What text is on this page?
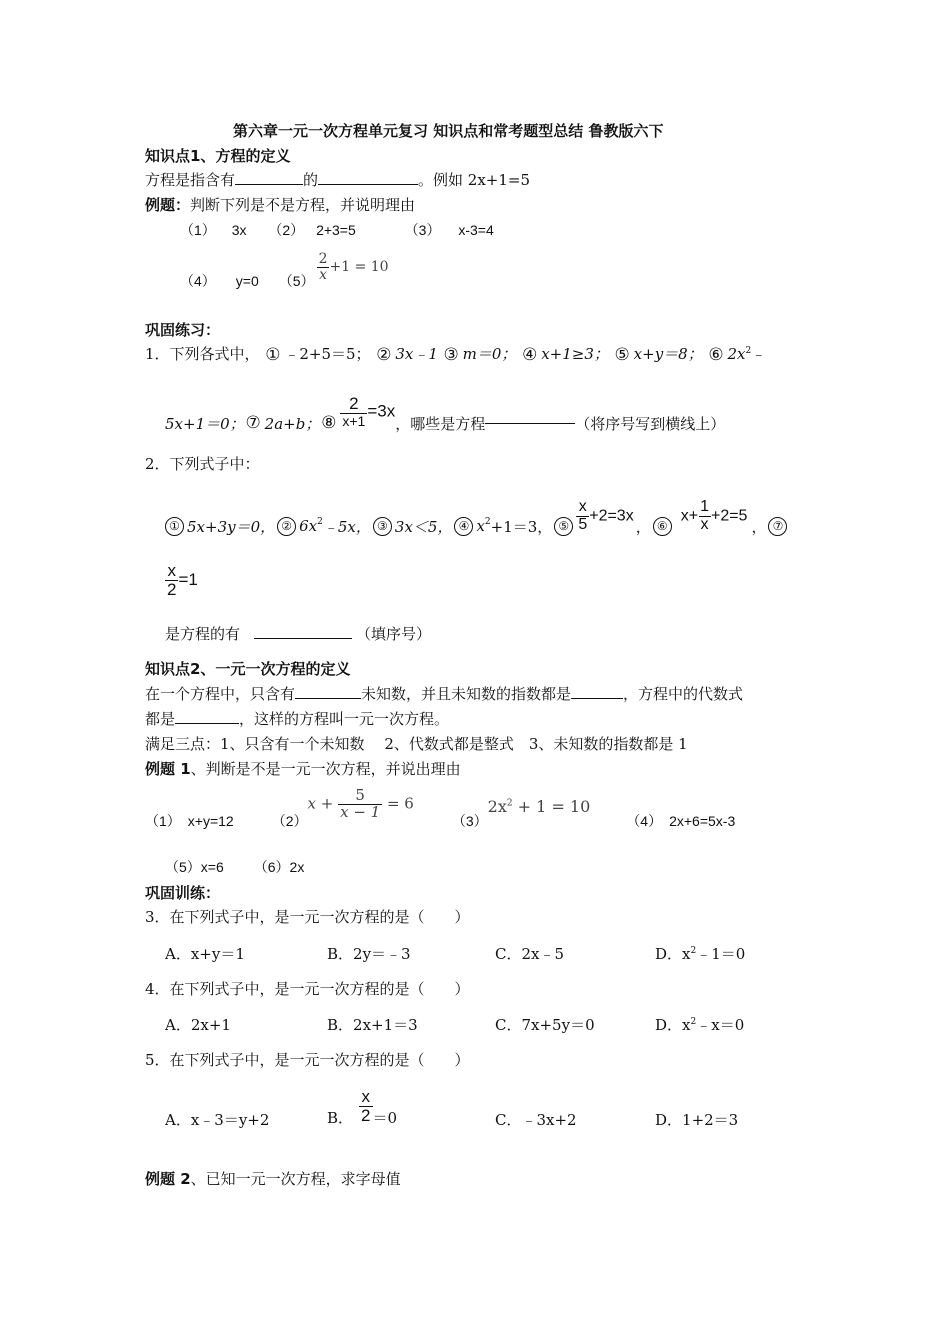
第六章一元一次方程单元复习 知识点和常考题型总结 鲁教版六下
知识点1、方程的定义
方程是指含有	的	。例如 2x+1=5
例题：判断下列是不是方程，并说明理由
（1） 3x （2） 2+3=5	（3） x-3=4
（4） y=0 $(5) \frac{2}{x} +1 = 10$
巩固练习：
1．下列各式中， ① ﹣2+5＝5； ② 3x﹣1 ③ m＝0； ④ x+1≥3； ⑤ x+y＝8； ⑥ $2x^2﹣$
5x+1＝0； ⑦ 2a+b； ⑧ $\frac{2}{x+1} =3x$
，哪些是方程	（将序号写到横线上）
2．下列式子中：
① 5x+3y＝0， ② $6x^2$ ﹣5x， ③ 3x＜5， ④ $x^2 +1=3$， ⑤ $\frac{x}{5} +2=3x$
， ⑥
$x+ \frac{1}{x} +2=5$
， ⑦
$\frac{x}{2} =1$
是方程的有	（填序号）
知识点2、一元一次方程的定义
在一个方程中，只含有	未知数，并且未知数的指数都是	，方程中的代数式
都是	，这样的方程叫一元一次方程。
满足三点：1、只含有一个未知数　 2、代数式都是整式　3、未知数的指数都是 1
例题 1、判断是不是一元一次方程，并说出理由
（1）　x+y=12	（2）
$x + \frac{5}{x - 1} = 6$
（3）
$2x^2 + 1 = 10$
（4）　2x+6=5x-3
（5）x=6 （6）2x
巩固训练：
3．在下列式子中，是一元一次方程的是（　　）
A．x+y＝1	B．2y＝﹣3	C．2x﹣5	D．$x^2﹣1=0$
4．在下列式子中，是一元一次方程的是（　　）
A．2x+1	B．2x+1＝3	C．7x+5y＝0	D．$x^2﹣x=0$
5．在下列式子中，是一元一次方程的是（　　）
A．x﹣3＝y+2	B． $\frac{x}{2} =0$	C．﹣3x+2	D．1+2＝3
例题 2、已知一元一次方程，求字母值
